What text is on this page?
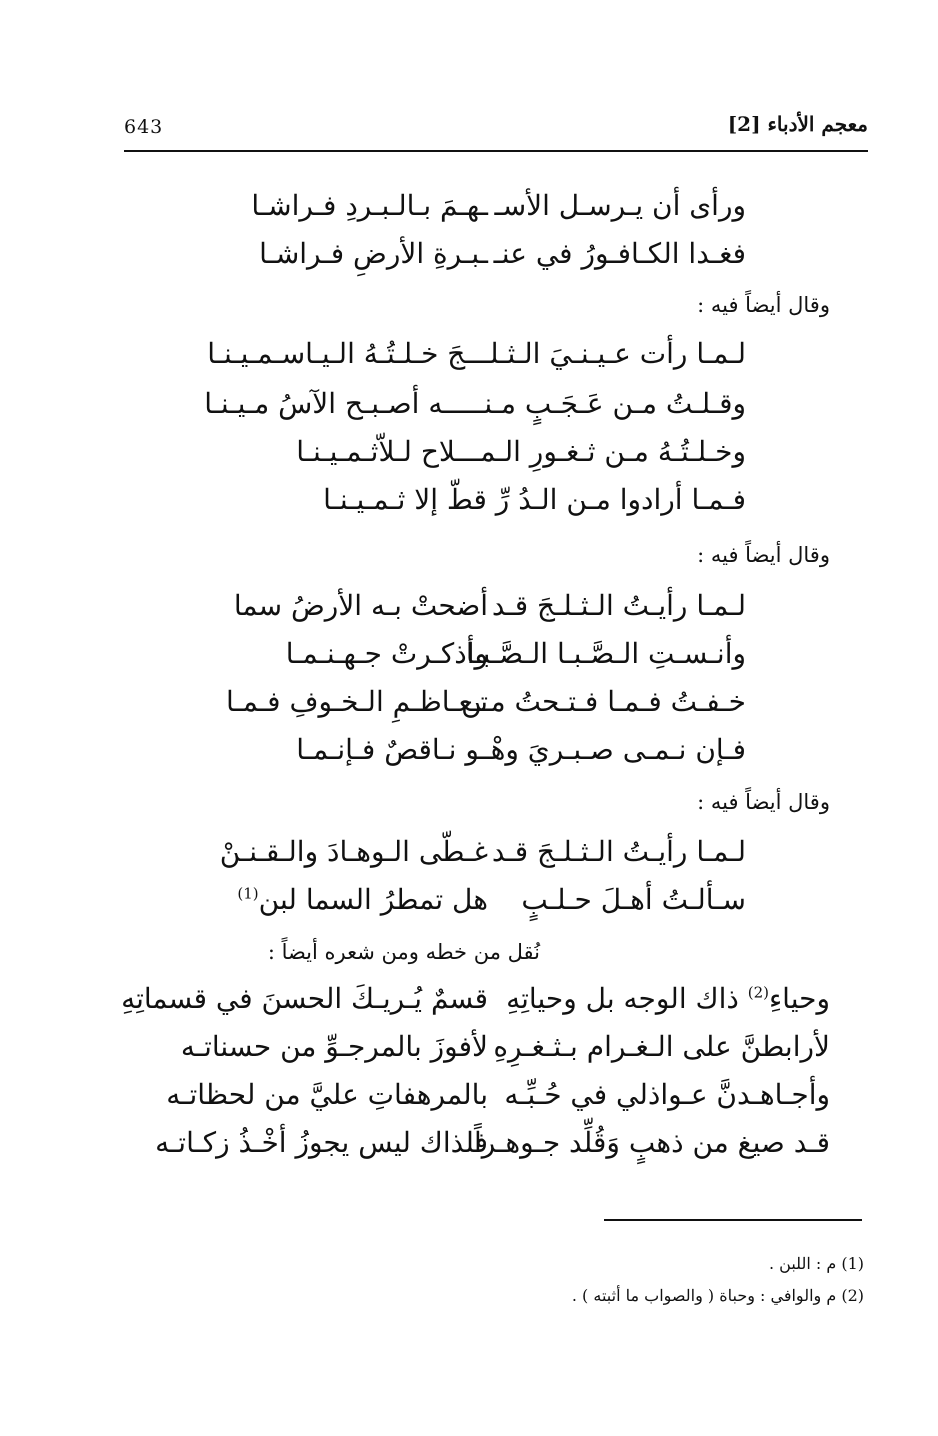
643	معجم الأدباء [2]
ورأى أن يـرسـل الأسـ
ـهـمَ بـالـبـردِ فـراشـا
فغـدا الكـافـورُ في عنـ
ـبـرةِ الأرضِ فـراشـا
وقال أيضاً فيه :
لـمـا رأت عـيـنـيَ الـثـلـــجَ خـلـتُـهُ الـيـاسـمـيـنـا
وقـلـتُ مـن عَـجَـبٍ مـنـــــه أصـبـح الآسُ مـيـنـا
وخـلـتُـهُ مـن ثـغـورِ الـمـــلاح لـلاّثـمـيـنـا
فـمـا أرادوا مـن الـدُ رِّ قطّ إلا ثـمـيـنـا
وقال أيضاً فيه :
لـمـا رأيـتُ الـثـلـجَ قـد
أضحتْ بـه الأرضُ سما
وأنـسـتِ الـصَّـبـا الـصَّـبـا
وأذكـرتْ جـهـنـمـا
خـفـتُ فـمـا فـتـحتُ مـن
تـعـاظـمِ الـخـوفِ فـمـا
فـإن نـمـى صـبـريَ وهْـ
ـو نـاقصٌ فـإنـمـا
وقال أيضاً فيه :
لـمـا رأيـتُ الـثـلـجَ قـد
غـطّى الـوهـادَ والـقـنـنْ
سـألـتُ أهـلَ حـلـبٍ
هل تمطرُ السما لبن$^{(1)}$
نُقل من خطه ومن شعره أيضاً :
وحياءِ$^{(2)}$ ذاك الوجه بل وحياتِهِ
قسمٌ يُـريـكَ الحسنَ في قسماتِهِ
لأرابطنَّ على الـغـرام بـثـغـرِهِ
لأفوزَ بالمرجـوِّ من حسناتـه
وأجـاهـدنَّ عـواذلي في حُـبِّـه
بالمرهفاتِ عليَّ من لحظاتـه
قـد صيغ من ذهبٍ وَقُلِّد جـوهـراً
فلذاك ليس يجوزُ أخْـذُ زكـاتـه
(1) م : اللبن .
(2) م والوافي : وحباة ( والصواب ما أثبته ) .
